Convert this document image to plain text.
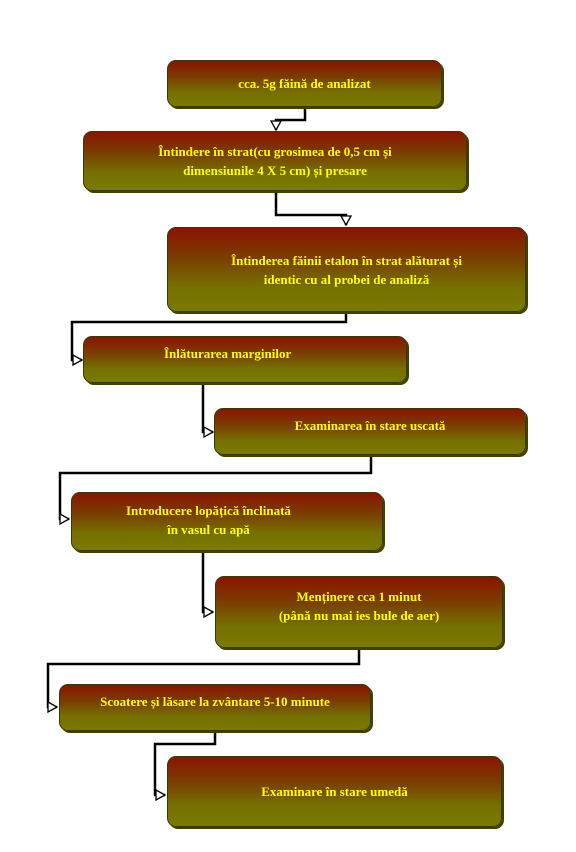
cca. 5g făină de analizat
Întindere în strat(cu grosimea de 0,5 cm și
dimensiunile 4 X 5 cm) și presare
Întinderea făinii etalon în strat alăturat și
identic cu al probei de analiză
Înlăturarea marginilor
Examinarea în stare uscată
Introducere lopățică înclinată
în vasul cu apă
Menținere cca 1 minut
(până nu mai ies bule de aer)
Scoatere și lăsare la zvântare 5-10 minute
Examinare în stare umedă
